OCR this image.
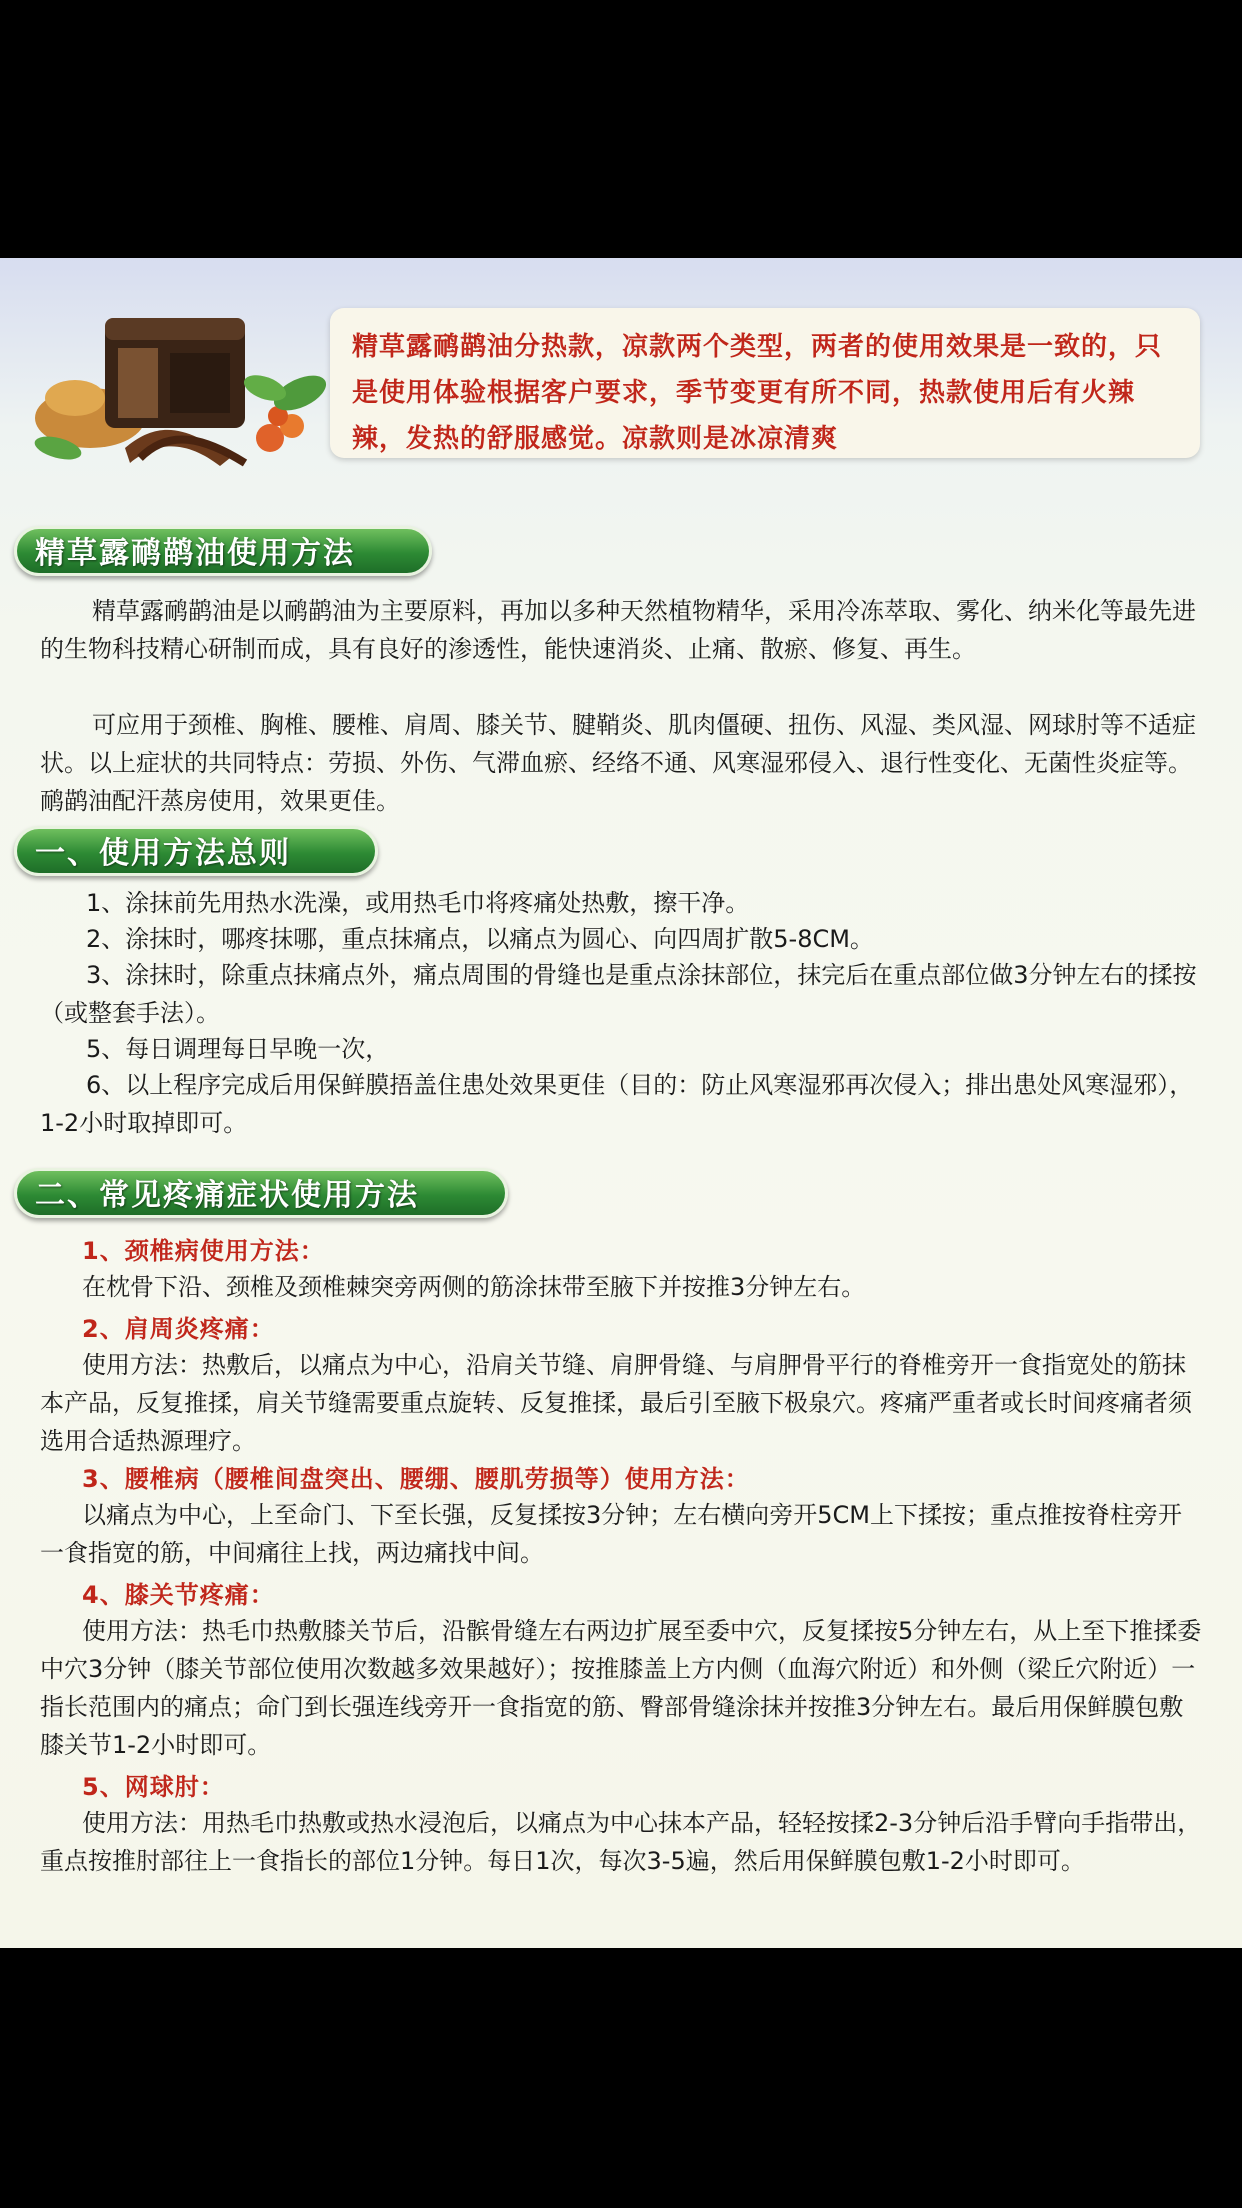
精草露鸸鹋油分热款，凉款两个类型，两者的使用效果是一致的，只是使用体验根据客户要求，季节变更有所不同，热款使用后有火辣辣，发热的舒服感觉。凉款则是冰凉清爽
精草露鸸鹋油使用方法
精草露鸸鹋油是以鸸鹋油为主要原料，再加以多种天然植物精华，采用冷冻萃取、雾化、纳米化等最先进的生物科技精心研制而成，具有良好的渗透性，能快速消炎、止痛、散瘀、修复、再生。
可应用于颈椎、胸椎、腰椎、肩周、膝关节、腱鞘炎、肌肉僵硬、扭伤、风湿、类风湿、网球肘等不适症状。以上症状的共同特点：劳损、外伤、气滞血瘀、经络不通、风寒湿邪侵入、退行性变化、无菌性炎症等。鸸鹋油配汗蒸房使用，效果更佳。
一、使用方法总则
1、涂抹前先用热水洗澡，或用热毛巾将疼痛处热敷，擦干净。
2、涂抹时，哪疼抹哪，重点抹痛点，以痛点为圆心、向四周扩散5-8CM。
3、涂抹时，除重点抹痛点外，痛点周围的骨缝也是重点涂抹部位，抹完后在重点部位做3分钟左右的揉按（或整套手法）。
5、每日调理每日早晚一次，
6、以上程序完成后用保鲜膜捂盖住患处效果更佳（目的：防止风寒湿邪再次侵入；排出患处风寒湿邪），1-2小时取掉即可。
二、常见疼痛症状使用方法
1、颈椎病使用方法：
在枕骨下沿、颈椎及颈椎棘突旁两侧的筋涂抹带至腋下并按推3分钟左右。
2、肩周炎疼痛：
使用方法：热敷后，以痛点为中心，沿肩关节缝、肩胛骨缝、与肩胛骨平行的脊椎旁开一食指宽处的筋抹本产品，反复推揉，肩关节缝需要重点旋转、反复推揉，最后引至腋下极泉穴。疼痛严重者或长时间疼痛者须选用合适热源理疗。
3、腰椎病（腰椎间盘突出、腰绷、腰肌劳损等）使用方法：
以痛点为中心，上至命门、下至长强，反复揉按3分钟；左右横向旁开5CM上下揉按；重点推按脊柱旁开一食指宽的筋，中间痛往上找，两边痛找中间。
4、膝关节疼痛：
使用方法：热毛巾热敷膝关节后，沿髌骨缝左右两边扩展至委中穴，反复揉按5分钟左右，从上至下推揉委中穴3分钟（膝关节部位使用次数越多效果越好）；按推膝盖上方内侧（血海穴附近）和外侧（梁丘穴附近）一指长范围内的痛点；命门到长强连线旁开一食指宽的筋、臀部骨缝涂抹并按推3分钟左右。最后用保鲜膜包敷膝关节1-2小时即可。
5、网球肘：
使用方法：用热毛巾热敷或热水浸泡后，以痛点为中心抹本产品，轻轻按揉2-3分钟后沿手臂向手指带出，重点按推肘部往上一食指长的部位1分钟。每日1次，每次3-5遍，然后用保鲜膜包敷1-2小时即可。
